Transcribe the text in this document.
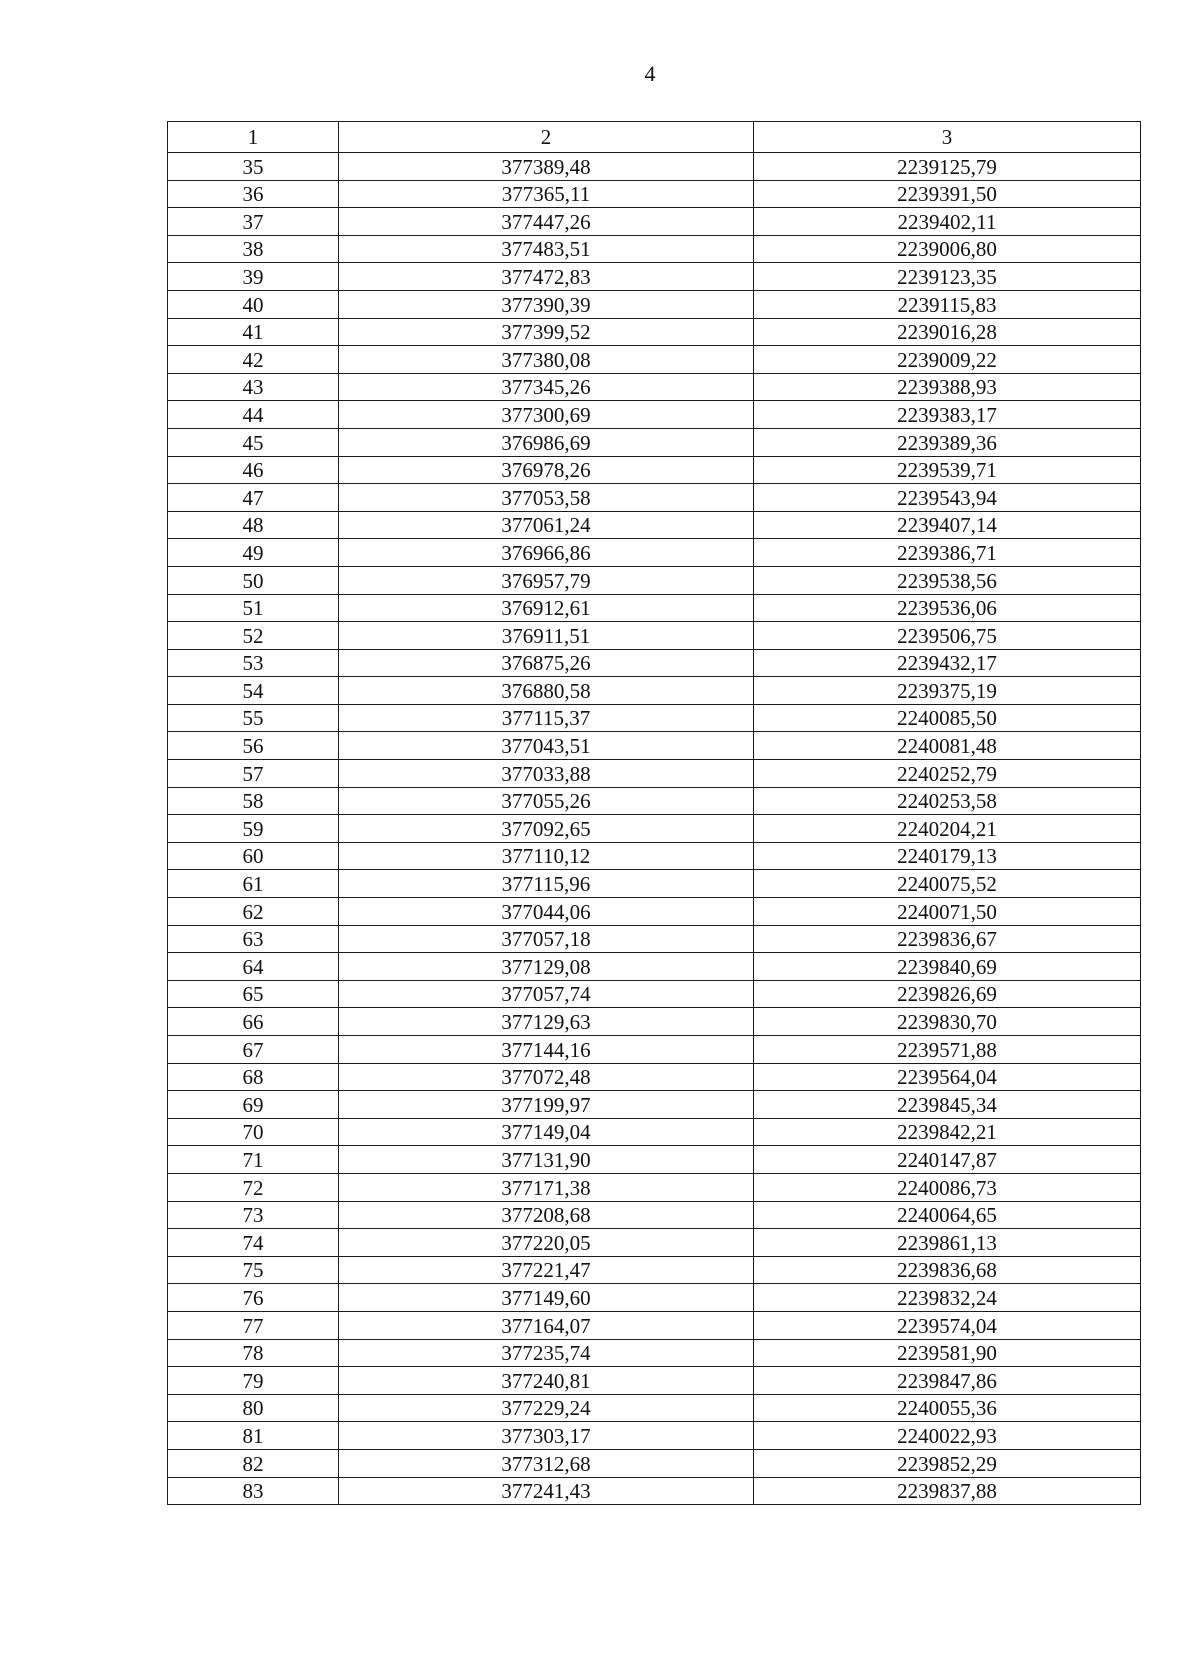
4
1	2	3
35	377389,48	2239125,79
36	377365,11	2239391,50
37	377447,26	2239402,11
38	377483,51	2239006,80
39	377472,83	2239123,35
40	377390,39	2239115,83
41	377399,52	2239016,28
42	377380,08	2239009,22
43	377345,26	2239388,93
44	377300,69	2239383,17
45	376986,69	2239389,36
46	376978,26	2239539,71
47	377053,58	2239543,94
48	377061,24	2239407,14
49	376966,86	2239386,71
50	376957,79	2239538,56
51	376912,61	2239536,06
52	376911,51	2239506,75
53	376875,26	2239432,17
54	376880,58	2239375,19
55	377115,37	2240085,50
56	377043,51	2240081,48
57	377033,88	2240252,79
58	377055,26	2240253,58
59	377092,65	2240204,21
60	377110,12	2240179,13
61	377115,96	2240075,52
62	377044,06	2240071,50
63	377057,18	2239836,67
64	377129,08	2239840,69
65	377057,74	2239826,69
66	377129,63	2239830,70
67	377144,16	2239571,88
68	377072,48	2239564,04
69	377199,97	2239845,34
70	377149,04	2239842,21
71	377131,90	2240147,87
72	377171,38	2240086,73
73	377208,68	2240064,65
74	377220,05	2239861,13
75	377221,47	2239836,68
76	377149,60	2239832,24
77	377164,07	2239574,04
78	377235,74	2239581,90
79	377240,81	2239847,86
80	377229,24	2240055,36
81	377303,17	2240022,93
82	377312,68	2239852,29
83	377241,43	2239837,88
